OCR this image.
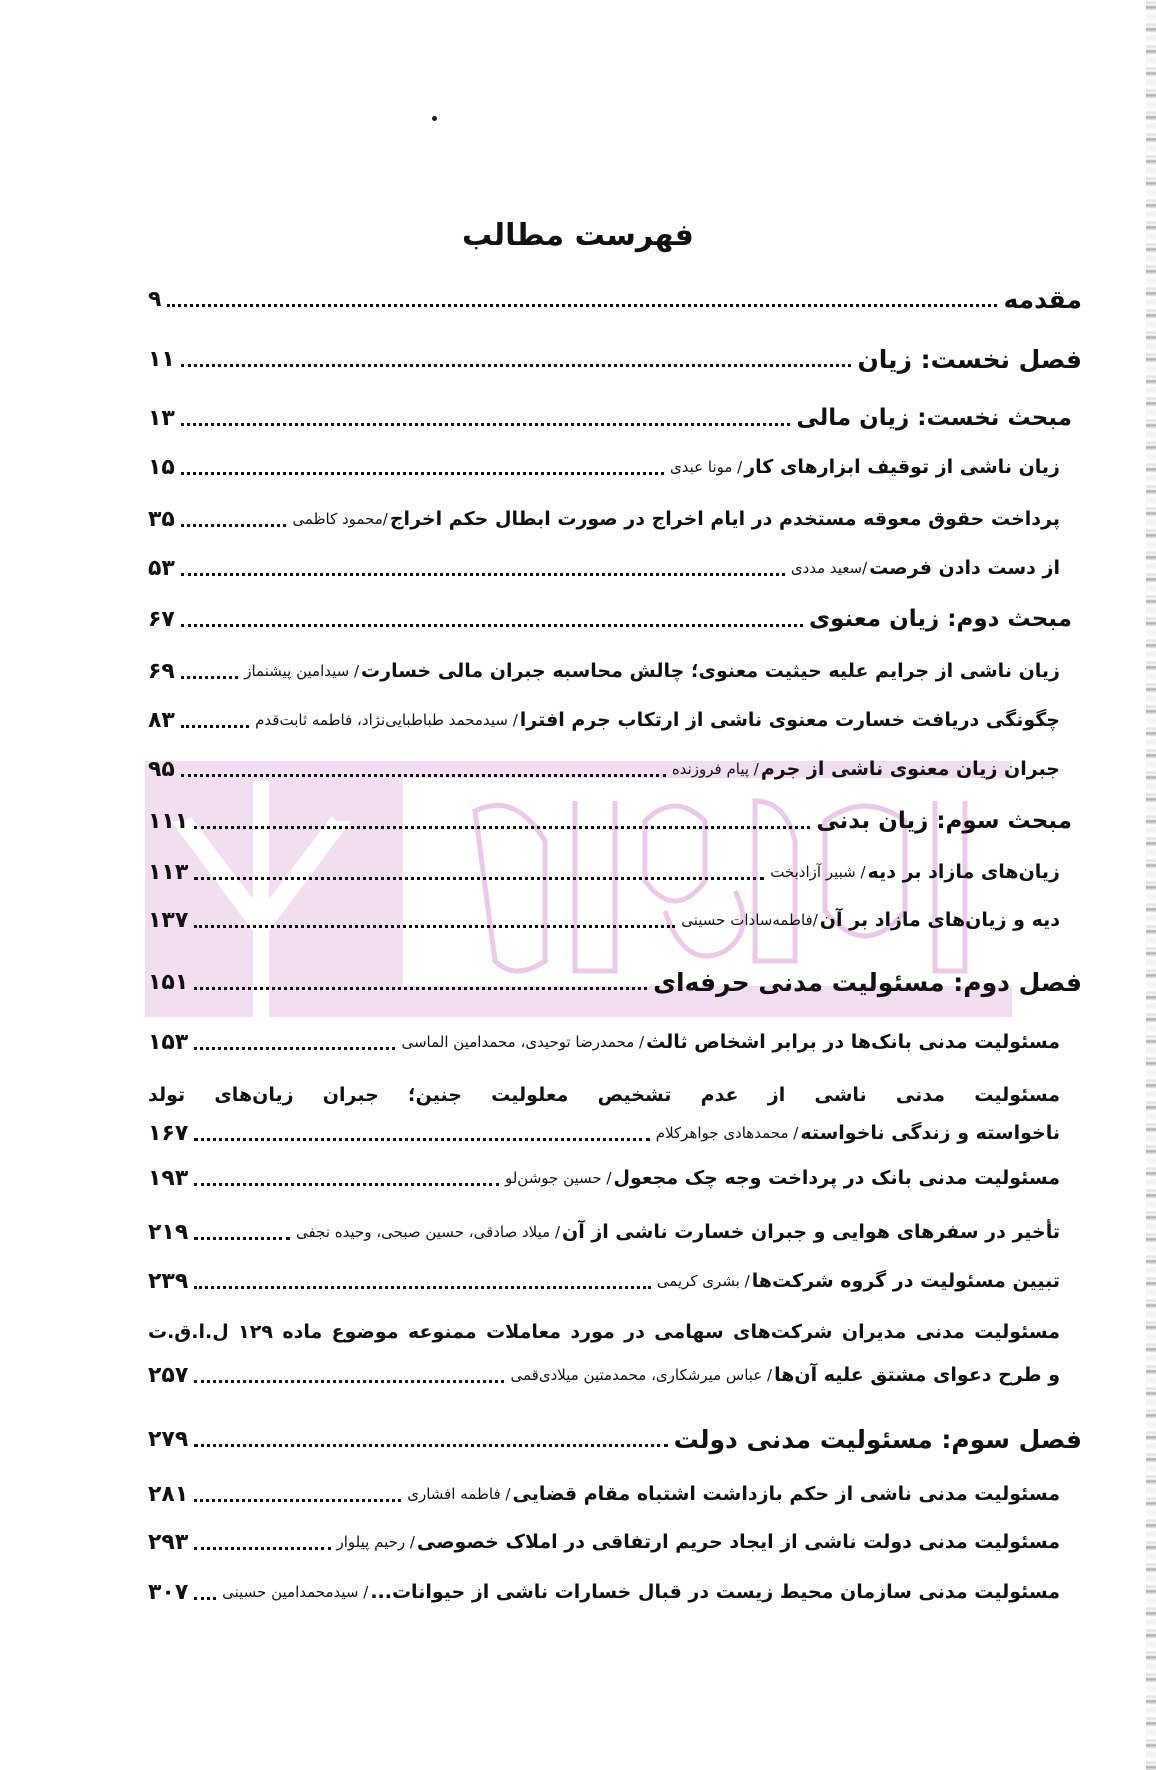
فهرست مطالب
مقدمه
۹
فصل نخست: زیان
۱۱
مبحث نخست: زیان مالی
۱۳
زیان ناشی از توقیف ابزارهای کار
/ مونا عبدی
۱۵
پرداخت حقوق معوقه مستخدم در ایام اخراج در صورت ابطال حکم اخراج
/محمود کاظمی
۳۵
از دست دادن فرصت
/سعید مددی
۵۳
مبحث دوم: زیان معنوی
۶۷
زیان ناشی از جرایم علیه حیثیت معنوی؛ چالش محاسبه جبران مالی خسارت
/ سیدامین پیشنماز
۶۹
چگونگی دریافت خسارت معنوی ناشی از ارتکاب جرم افترا
/ سیدمحمد طباطبایی‌نژاد، فاطمه ثابت‌قدم
۸۳
جبران زیان معنوی ناشی از جرم
/ پیام فروزنده
۹۵
مبحث سوم: زیان بدنی
۱۱۱
زیان‌های مازاد بر دیه
/ شبیر آزادبخت
۱۱۳
دیه و زیان‌های مازاد بر آن
/فاطمه‌سادات حسینی
۱۳۷
فصل دوم: مسئولیت مدنی حرفه‌ای
۱۵۱
مسئولیت مدنی بانک‌ها در برابر اشخاص ثالث
/ محمدرضا توحیدی، محمدامین الماسی
۱۵۳
مسئولیت مدنی ناشی از عدم تشخیص معلولیت جنین؛ جبران زیان‌های تولد
ناخواسته و زندگی ناخواسته
/ محمدهادی جواهرکلام
۱۶۷
مسئولیت مدنی بانک در پرداخت وجه چک مجعول
/ حسین جوشن‌لو
۱۹۳
تأخیر در سفرهای هوایی و جبران خسارت ناشی از آن
/ میلاد صادقی، حسین صبحی، وحیده نجفی
۲۱۹
تبیین مسئولیت در گروه شرکت‌ها
/ بشری کریمی
۲۳۹
مسئولیت مدنی مدیران شرکت‌های سهامی در مورد معاملات ممنوعه موضوع ماده ۱۲۹ ل.ا.ق.ت
و طرح دعوای مشتق علیه آن‌ها
/ عباس میرشکاری، محمدمتین میلادی‌قمی
۲۵۷
فصل سوم: مسئولیت مدنی دولت
۲۷۹
مسئولیت مدنی ناشی از حکم بازداشت اشتباه مقام قضایی
/ فاطمه افشاری
۲۸۱
مسئولیت مدنی دولت ناشی از ایجاد حریم ارتفاقی در املاک خصوصی
/ رحیم پیلوار
۲۹۳
مسئولیت مدنی سازمان محیط زیست در قبال خسارات ناشی از حیوانات...
/ سیدمحمدامین حسینی
۳۰۷
